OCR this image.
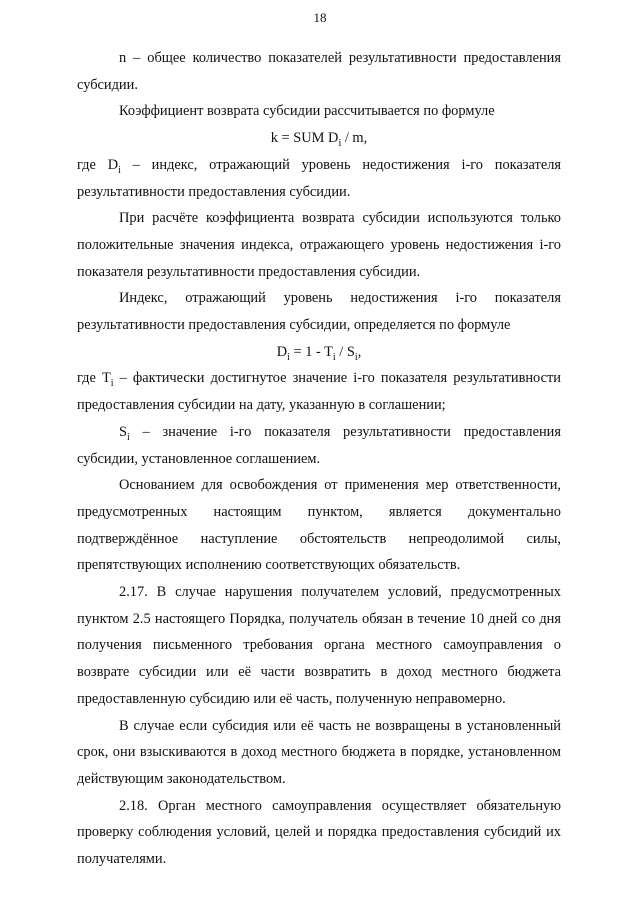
18

n – общее количество показателей результативности предоставления субсидии.

Коэффициент возврата субсидии рассчитывается по формуле

k = SUM $D_i$ / m,

где $D_i$ – индекс, отражающий уровень недостижения i-го показателя результативности предоставления субсидии.

При расчёте коэффициента возврата субсидии используются только положительные значения индекса, отражающего уровень недостижения i-го показателя результативности предоставления субсидии.

Индекс, отражающий уровень недостижения i-го показателя результативности предоставления субсидии, определяется по формуле

$D_i = 1 - T_i / S_i$,

где $T_i$ – фактически достигнутое значение i-го показателя результативности предоставления субсидии на дату, указанную в соглашении;

$S_i$ – значение i-го показателя результативности предоставления субсидии, установленное соглашением.

Основанием для освобождения от применения мер ответственности, предусмотренных настоящим пунктом, является документально подтверждённое наступление обстоятельств непреодолимой силы, препятствующих исполнению соответствующих обязательств.

2.17. В случае нарушения получателем условий, предусмотренных пунктом 2.5 настоящего Порядка, получатель обязан в течение 10 дней со дня получения письменного требования органа местного самоуправления о возврате субсидии или её части возвратить в доход местного бюджета предоставленную субсидию или её часть, полученную неправомерно.

В случае если субсидия или её часть не возвращены в установленный срок, они взыскиваются в доход местного бюджета в порядке, установленном действующим законодательством.

2.18. Орган местного самоуправления осуществляет обязательную проверку соблюдения условий, целей и порядка предоставления субсидий их получателями.
